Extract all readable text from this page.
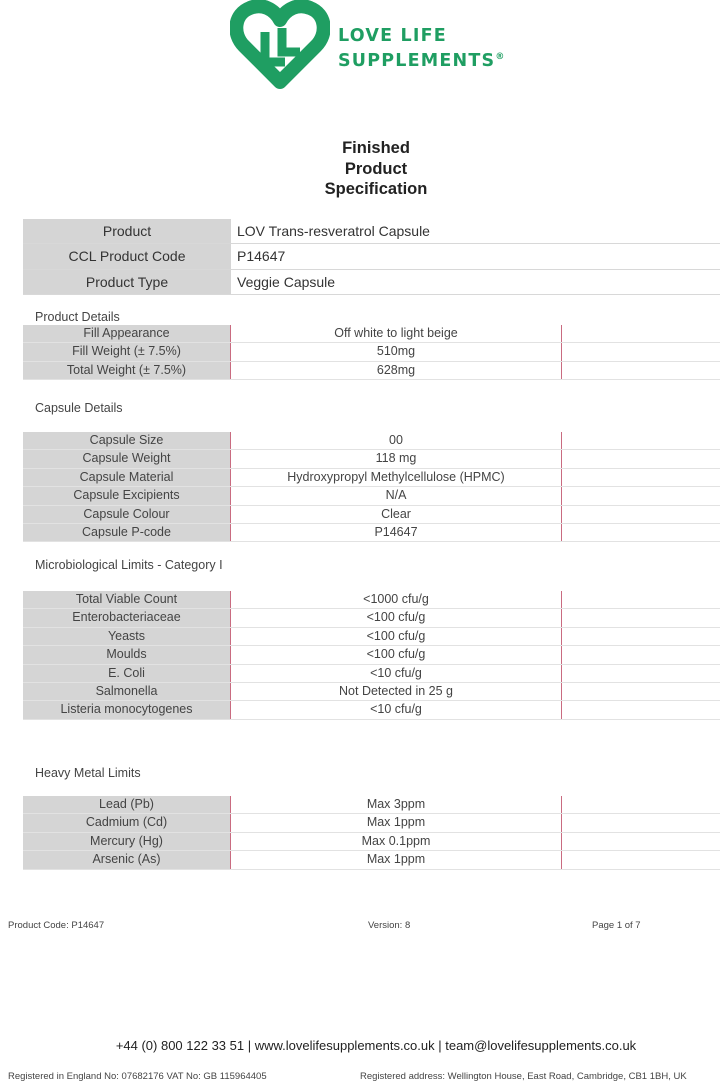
LOVE LIFE
SUPPLEMENTS®
Finished
Product
Specification
Product	LOV Trans-resveratrol Capsule
CCL Product Code	P14647
Product Type	Veggie Capsule
Product Details
Fill Appearance	Off white to light beige
Fill Weight (± 7.5%)	510mg
Total Weight (± 7.5%)	628mg
Capsule Details
Capsule Size	00
Capsule Weight	118 mg
Capsule Material	Hydroxypropyl Methylcellulose (HPMC)
Capsule Excipients	N/A
Capsule Colour	Clear
Capsule P-code	P14647
Microbiological Limits - Category I
Total Viable Count	<1000 cfu/g
Enterobacteriaceae	<100 cfu/g
Yeasts	<100 cfu/g
Moulds	<100 cfu/g
E. Coli	<10 cfu/g
Salmonella	Not Detected in 25 g
Listeria monocytogenes	<10 cfu/g
Heavy Metal Limits
Lead (Pb)	Max 3ppm
Cadmium (Cd)	Max 1ppm
Mercury (Hg)	Max 0.1ppm
Arsenic (As)	Max 1ppm
Product Code: P14647	Version: 8	Page 1 of 7
+44 (0) 800 122 33 51 | www.lovelifesupplements.co.uk | team@lovelifesupplements.co.uk
Registered in England No: 07682176 VAT No: GB 115964405	Registered address: Wellington House, East Road, Cambridge, CB1 1BH, UK
